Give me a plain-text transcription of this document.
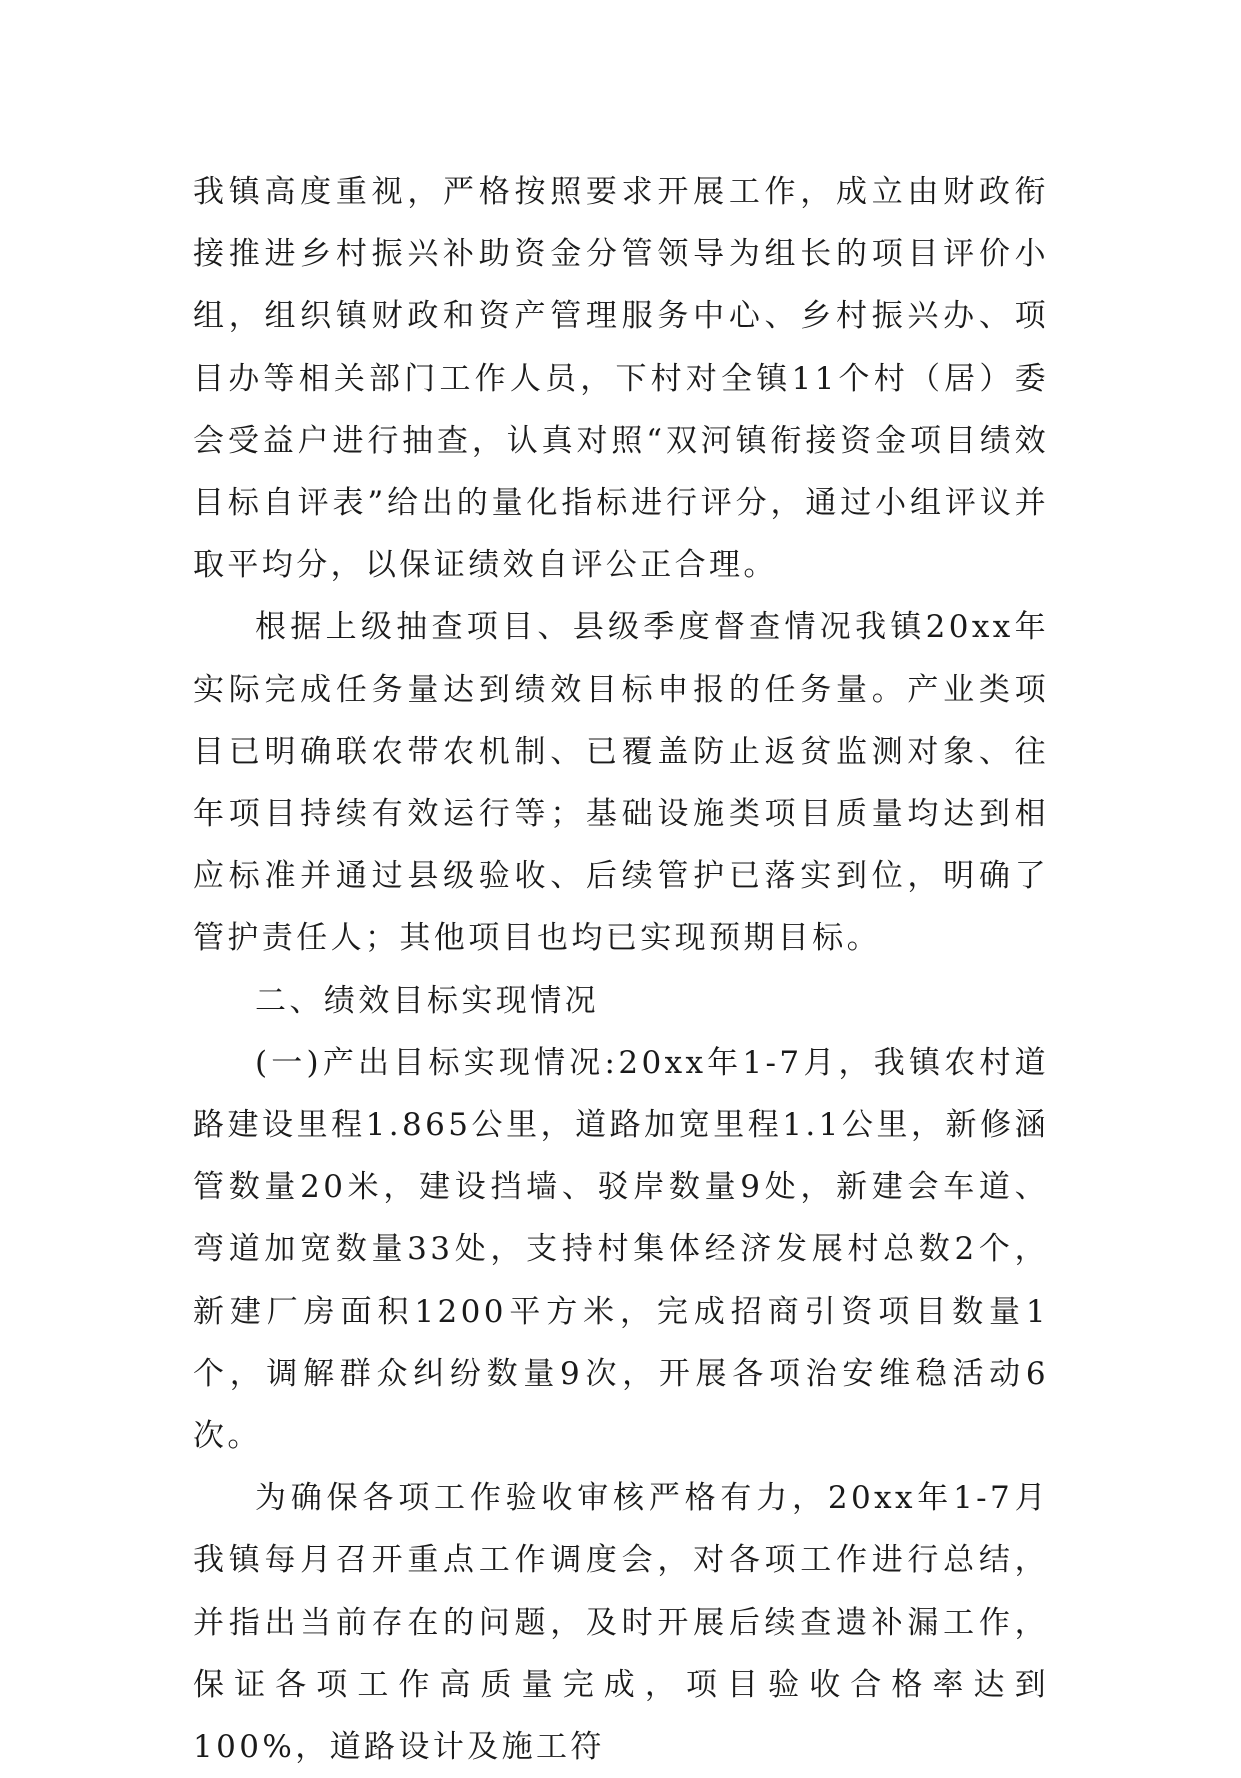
我镇高度重视，严格按照要求开展工作，成立由财政衔接推进乡村振兴补助资金分管领导为组长的项目评价小组，组织镇财政和资产管理服务中心、乡村振兴办、项目办等相关部门工作人员，下村对全镇11个村（居）委会受益户进行抽查，认真对照“双河镇衔接资金项目绩效目标自评表”给出的量化指标进行评分，通过小组评议并取平均分，以保证绩效自评公正合理。

根据上级抽查项目、县级季度督查情况我镇20xx年实际完成任务量达到绩效目标申报的任务量。产业类项目已明确联农带农机制、已覆盖防止返贫监测对象、往年项目持续有效运行等；基础设施类项目质量均达到相应标准并通过县级验收、后续管护已落实到位，明确了管护责任人；其他项目也均已实现预期目标。

二、绩效目标实现情况

(一)产出目标实现情况:20xx年1-7月，我镇农村道路建设里程1.865公里，道路加宽里程1.1公里，新修涵管数量20米，建设挡墙、驳岸数量9处，新建会车道、弯道加宽数量33处，支持村集体经济发展村总数2个，新建厂房面积1200平方米，完成招商引资项目数量1个，调解群众纠纷数量9次，开展各项治安维稳活动6次。

为确保各项工作验收审核严格有力，20xx年1-7月我镇每月召开重点工作调度会，对各项工作进行总结，并指出当前存在的问题，及时开展后续查遗补漏工作，保证各项工作高质量完成，项目验收合格率达到100%，道路设计及施工符
